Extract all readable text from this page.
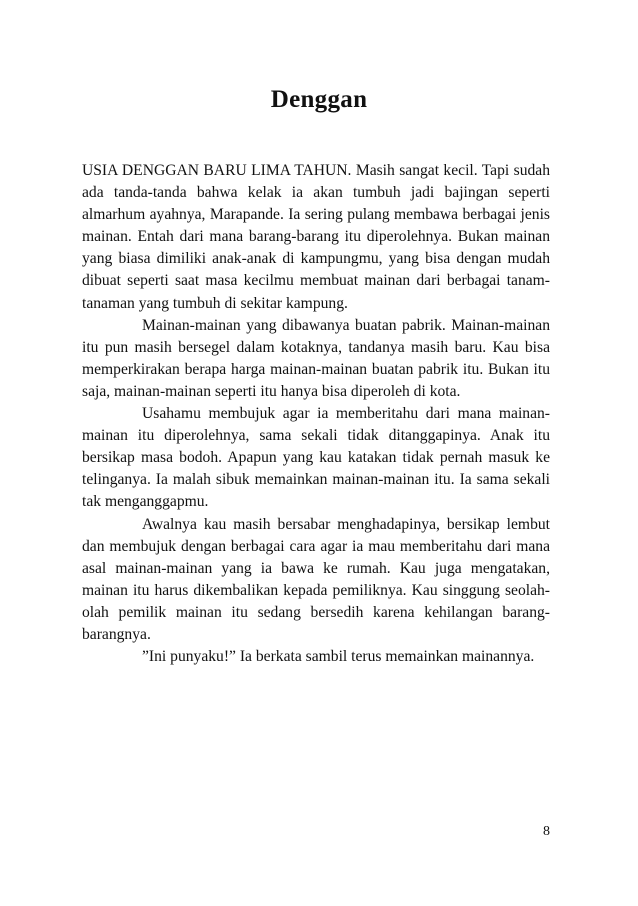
Denggan

USIA DENGGAN BARU LIMA TAHUN. Masih sangat kecil. Tapi sudah ada tanda-tanda bahwa kelak ia akan tumbuh jadi bajingan seperti almarhum ayahnya, Marapande. Ia sering pulang membawa berbagai jenis mainan. Entah dari mana barang-barang itu diperolehnya. Bukan mainan yang biasa dimiliki anak-anak di kampungmu, yang bisa dengan mudah dibuat seperti saat masa kecilmu membuat mainan dari berbagai tanam-tanaman yang tumbuh di sekitar kampung.

Mainan-mainan yang dibawanya buatan pabrik. Mainan-mainan itu pun masih bersegel dalam kotaknya, tandanya masih baru. Kau bisa memperkirakan berapa harga mainan-mainan buatan pabrik itu. Bukan itu saja, mainan-mainan seperti itu hanya bisa diperoleh di kota.

Usahamu membujuk agar ia memberitahu dari mana mainan-mainan itu diperolehnya, sama sekali tidak ditanggapinya. Anak itu bersikap masa bodoh. Apapun yang kau katakan tidak pernah masuk ke telinganya. Ia malah sibuk memainkan mainan-mainan itu. Ia sama sekali tak menganggapmu.

Awalnya kau masih bersabar menghadapinya, bersikap lembut dan membujuk dengan berbagai cara agar ia mau memberitahu dari mana asal mainan-mainan yang ia bawa ke rumah. Kau juga mengatakan, mainan itu harus dikembalikan kepada pemiliknya. Kau singgung seolah-olah pemilik mainan itu sedang bersedih karena kehilangan barang-barangnya.

”Ini punyaku!” Ia berkata sambil terus memainkan mainannya.

8
